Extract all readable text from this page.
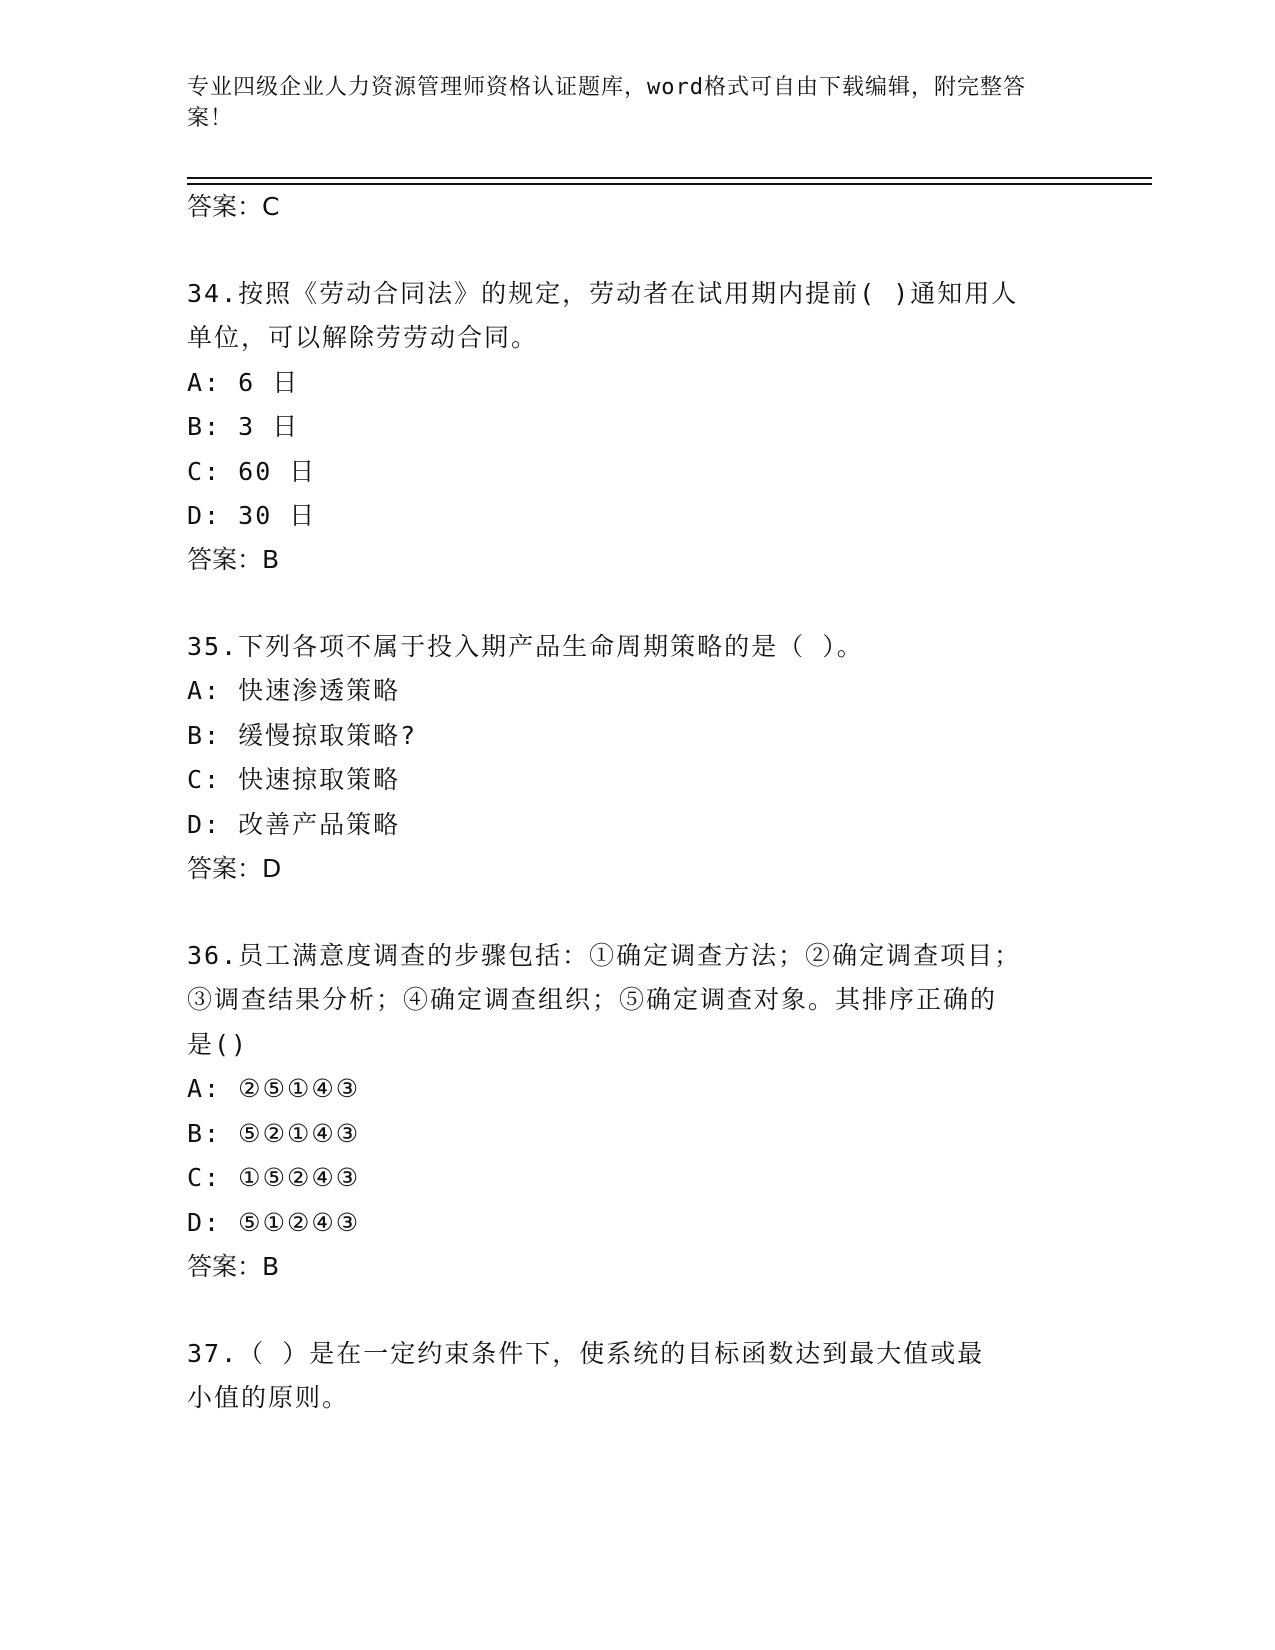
专业四级企业人力资源管理师资格认证题库，word格式可自由下载编辑，附完整答案！
答案：C
34.按照《劳动合同法》的规定，劳动者在试用期内提前( )通知用人
单位，可以解除劳劳动合同。
A: 6 日
B: 3 日
C: 60 日
D: 30 日
答案：B
35.下列各项不属于投入期产品生命周期策略的是（ ）。
A: 快速渗透策略
B: 缓慢掠取策略?
C: 快速掠取策略
D: 改善产品策略
答案：D
36.员工满意度调查的步骤包括：①确定调查方法；②确定调查项目；
③调查结果分析；④确定调查组织；⑤确定调查对象。其排序正确的
是()
A: ②⑤①④③
B: ⑤②①④③
C: ①⑤②④③
D: ⑤①②④③
答案：B
37.（ ）是在一定约束条件下，使系统的目标函数达到最大值或最
小值的原则。
